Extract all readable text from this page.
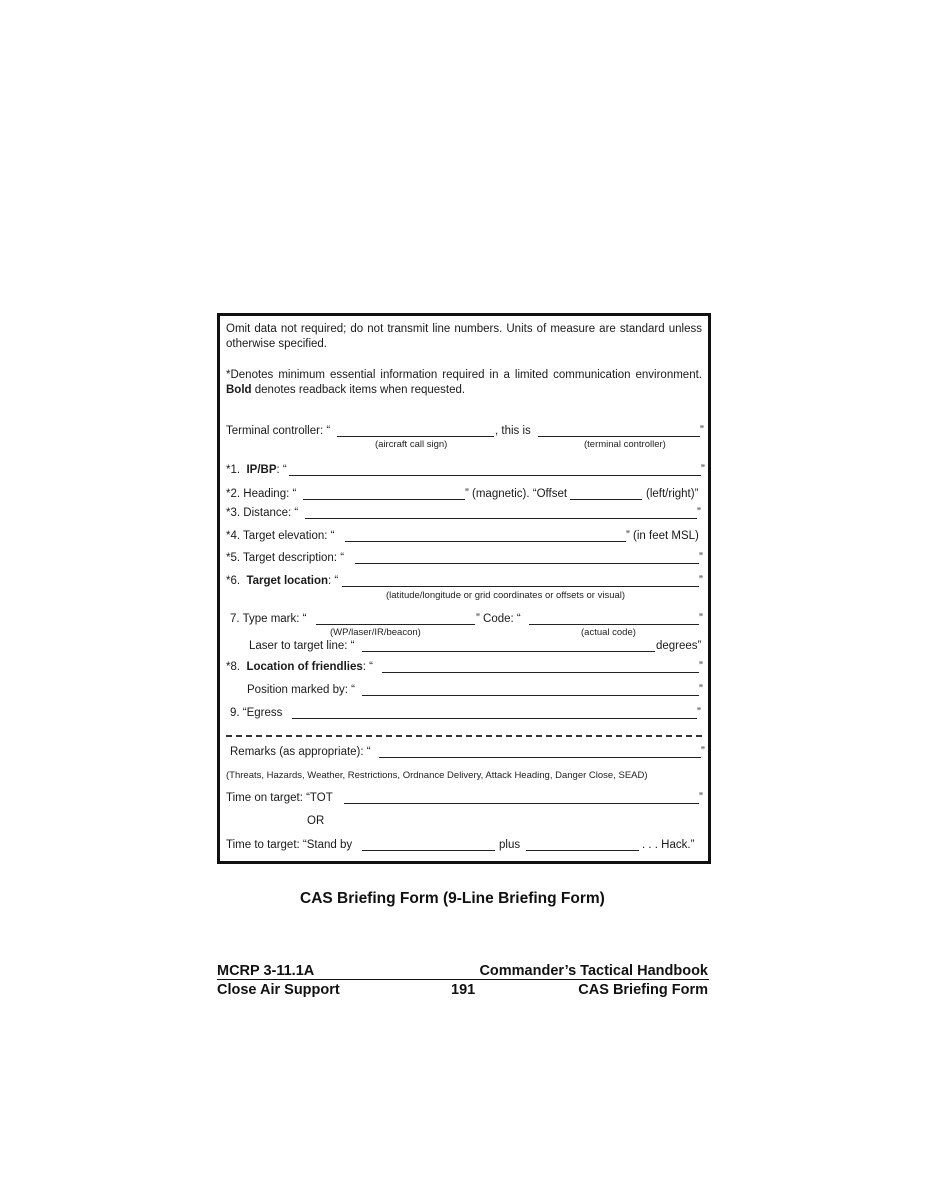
Omit data not required; do not transmit line numbers. Units of measure are standard unless otherwise specified.
*Denotes minimum essential information required in a limited communication environment. Bold denotes readback items when requested.
Terminal controller: “	, this is	”
(aircraft call sign)	(terminal controller)
*1. IP/BP: “	”
*2. Heading: “	” (magnetic). “Offset	(left/right)”
*3. Distance: “	”
*4. Target elevation: “	” (in feet MSL)
*5. Target description: “	”
*6. Target location: “	”
(latitude/longitude or grid coordinates or offsets or visual)
7. Type mark: “	” Code: “	”
(WP/laser/IR/beacon)	(actual code)
Laser to target line: “	degrees”
*8. Location of friendlies: “	”
Position marked by: “	”
9. “Egress	”
Remarks (as appropriate): “	”
(Threats, Hazards, Weather, Restrictions, Ordnance Delivery, Attack Heading, Danger Close, SEAD)
Time on target: “TOT	”
OR
Time to target: “Stand by	plus	. . . Hack.”
CAS Briefing Form (9-Line Briefing Form)
MCRP 3-11.1A	Commander’s Tactical Handbook
Close Air Support	191	CAS Briefing Form
